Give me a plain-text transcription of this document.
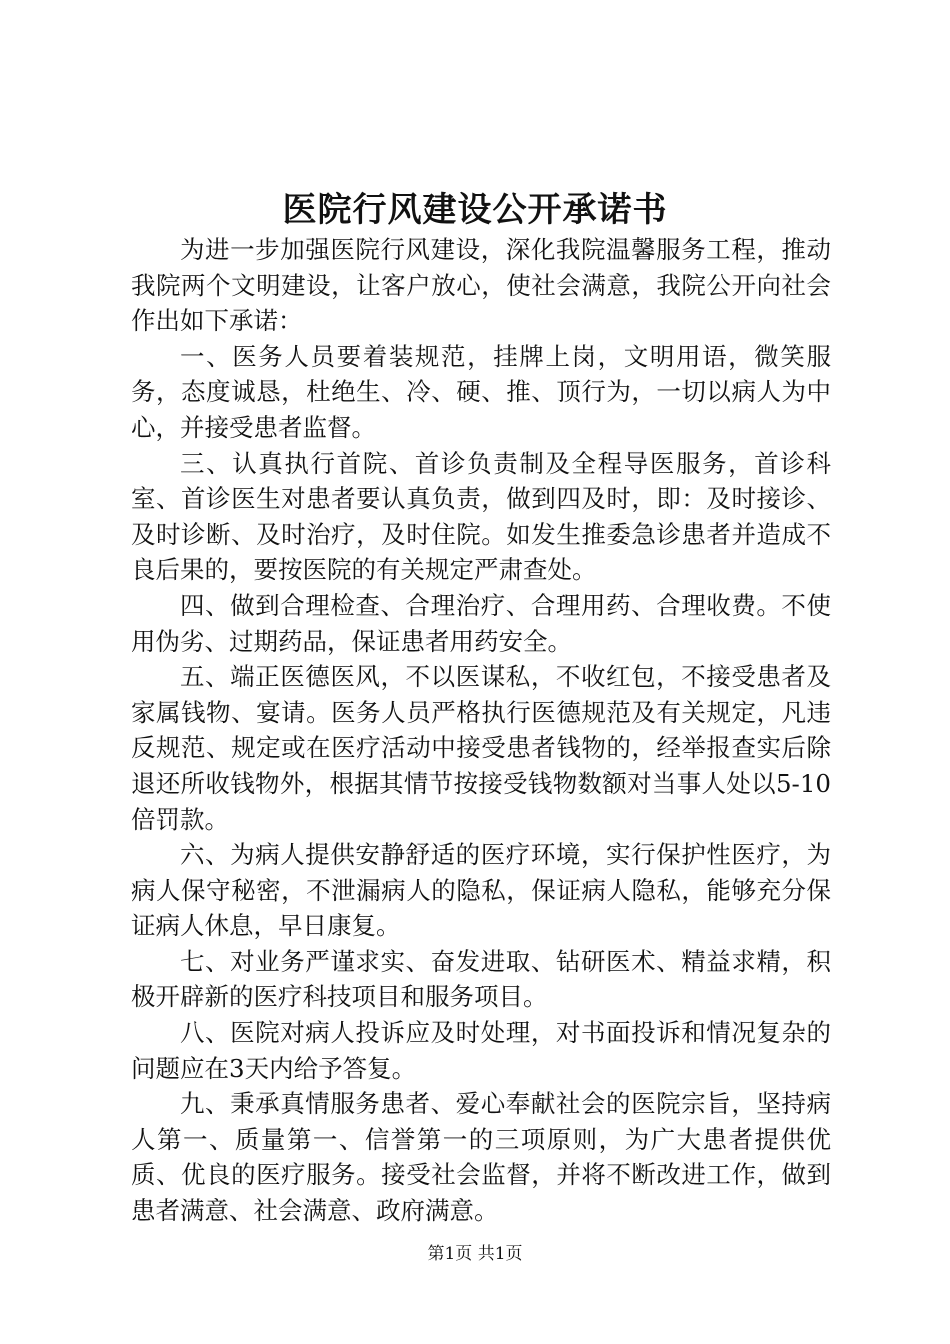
医院行风建设公开承诺书

为进一步加强医院行风建设，深化我院温馨服务工程，推动我院两个文明建设，让客户放心，使社会满意，我院公开向社会作出如下承诺：

一、医务人员要着装规范，挂牌上岗，文明用语，微笑服务，态度诚恳，杜绝生、冷、硬、推、顶行为，一切以病人为中心，并接受患者监督。

三、认真执行首院、首诊负责制及全程导医服务，首诊科室、首诊医生对患者要认真负责，做到四及时，即：及时接诊、及时诊断、及时治疗，及时住院。如发生推委急诊患者并造成不良后果的，要按医院的有关规定严肃查处。

四、做到合理检查、合理治疗、合理用药、合理收费。不使用伪劣、过期药品，保证患者用药安全。

五、端正医德医风，不以医谋私，不收红包，不接受患者及家属钱物、宴请。医务人员严格执行医德规范及有关规定，凡违反规范、规定或在医疗活动中接受患者钱物的，经举报查实后除退还所收钱物外，根据其情节按接受钱物数额对当事人处以5-10倍罚款。

六、为病人提供安静舒适的医疗环境，实行保护性医疗，为病人保守秘密，不泄漏病人的隐私，保证病人隐私，能够充分保证病人休息，早日康复。

七、对业务严谨求实、奋发进取、钻研医术、精益求精，积极开辟新的医疗科技项目和服务项目。

八、医院对病人投诉应及时处理，对书面投诉和情况复杂的问题应在3天内给予答复。

九、秉承真情服务患者、爱心奉献社会的医院宗旨，坚持病人第一、质量第一、信誉第一的三项原则，为广大患者提供优质、优良的医疗服务。接受社会监督，并将不断改进工作，做到患者满意、社会满意、政府满意。

第1页 共1页
